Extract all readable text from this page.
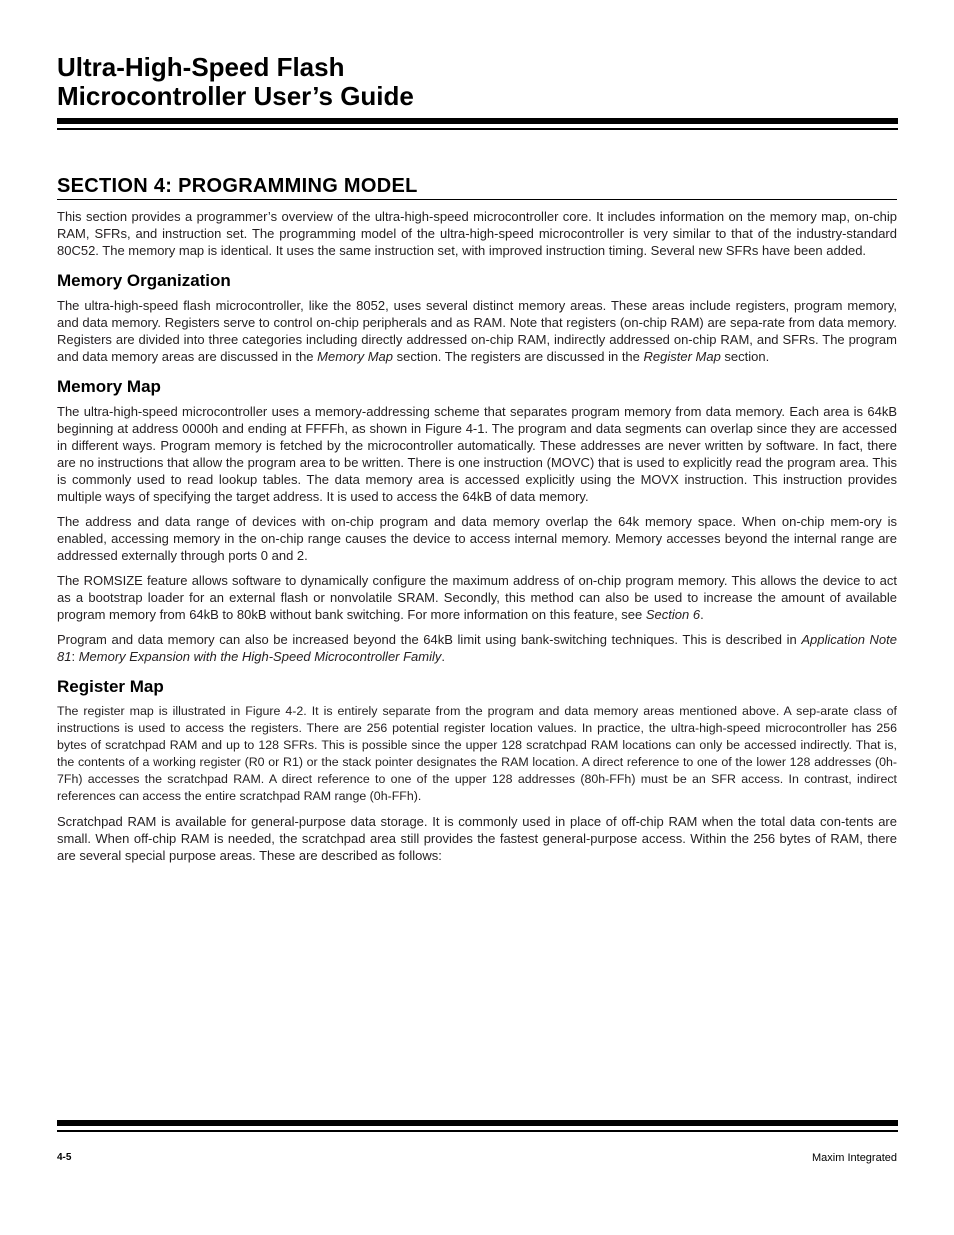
Ultra-High-Speed Flash
Microcontroller User’s Guide
SECTION 4: PROGRAMMING MODEL

This section provides a programmer’s overview of the ultra-high-speed microcontroller core. It includes information on the memory map, on-chip RAM, SFRs, and instruction set. The programming model of the ultra-high-speed microcontroller is very similar to that of the industry-standard 80C52. The memory map is identical. It uses the same instruction set, with improved instruction timing. Several new SFRs have been added.

Memory Organization

The ultra-high-speed flash microcontroller, like the 8052, uses several distinct memory areas. These areas include registers, program memory, and data memory. Registers serve to control on-chip peripherals and as RAM. Note that registers (on-chip RAM) are sepa-rate from data memory. Registers are divided into three categories including directly addressed on-chip RAM, indirectly addressed on-chip RAM, and SFRs. The program and data memory areas are discussed in the Memory Map section. The registers are discussed in the Register Map section.

Memory Map

The ultra-high-speed microcontroller uses a memory-addressing scheme that separates program memory from data memory. Each area is 64kB beginning at address 0000h and ending at FFFFh, as shown in Figure 4-1. The program and data segments can overlap since they are accessed in different ways. Program memory is fetched by the microcontroller automatically. These addresses are never written by software. In fact, there are no instructions that allow the program area to be written. There is one instruction (MOVC) that is used to explicitly read the program area. This is commonly used to read lookup tables. The data memory area is accessed explicitly using the MOVX instruction. This instruction provides multiple ways of specifying the target address. It is used to access the 64kB of data memory.

The address and data range of devices with on-chip program and data memory overlap the 64k memory space. When on-chip mem-ory is enabled, accessing memory in the on-chip range causes the device to access internal memory. Memory accesses beyond the internal range are addressed externally through ports 0 and 2.

The ROMSIZE feature allows software to dynamically configure the maximum address of on-chip program memory. This allows the device to act as a bootstrap loader for an external flash or nonvolatile SRAM. Secondly, this method can also be used to increase the amount of available program memory from 64kB to 80kB without bank switching. For more information on this feature, see Section 6.

Program and data memory can also be increased beyond the 64kB limit using bank-switching techniques. This is described in Application Note 81: Memory Expansion with the High-Speed Microcontroller Family.

Register Map

The register map is illustrated in Figure 4-2. It is entirely separate from the program and data memory areas mentioned above. A sep-arate class of instructions is used to access the registers. There are 256 potential register location values. In practice, the ultra-high-speed microcontroller has 256 bytes of scratchpad RAM and up to 128 SFRs. This is possible since the upper 128 scratchpad RAM locations can only be accessed indirectly. That is, the contents of a working register (R0 or R1) or the stack pointer designates the RAM location. A direct reference to one of the lower 128 addresses (0h-7Fh) accesses the scratchpad RAM. A direct reference to one of the upper 128 addresses (80h-FFh) must be an SFR access. In contrast, indirect references can access the entire scratchpad RAM range (0h-FFh).

Scratchpad RAM is available for general-purpose data storage. It is commonly used in place of off-chip RAM when the total data con-tents are small. When off-chip RAM is needed, the scratchpad area still provides the fastest general-purpose access. Within the 256 bytes of RAM, there are several special purpose areas. These are described as follows:

4-5	Maxim Integrated
